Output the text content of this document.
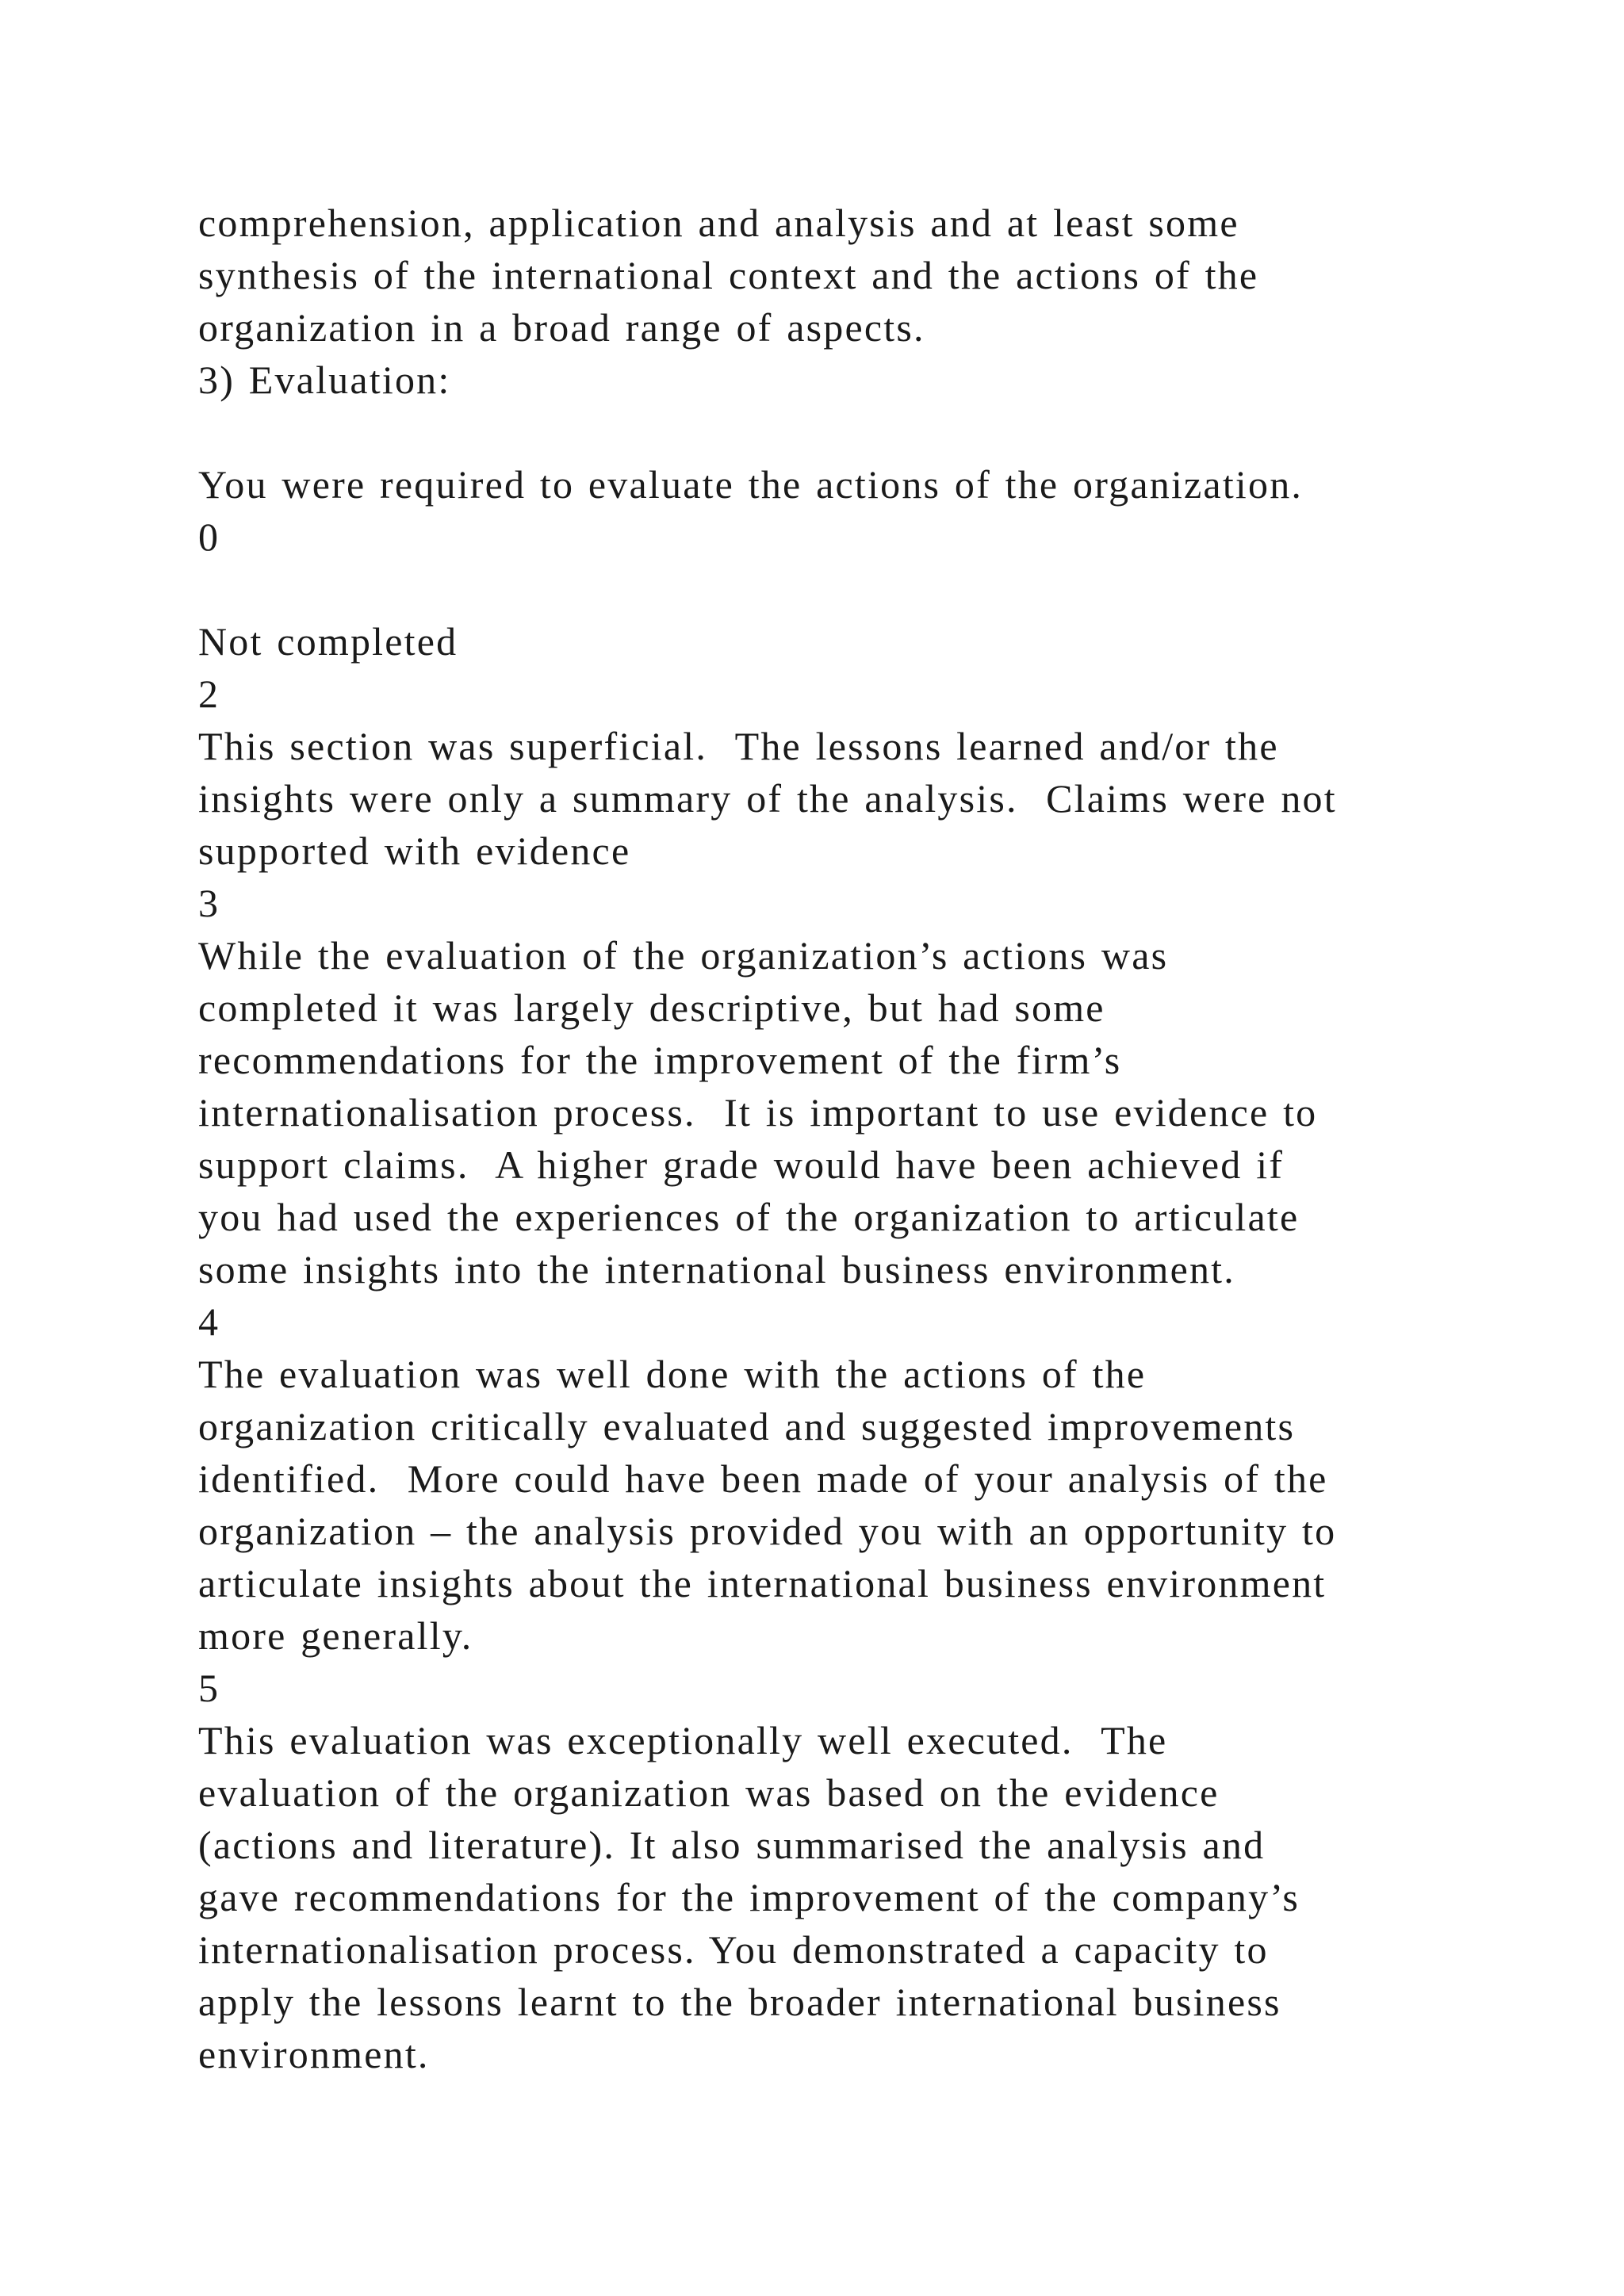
comprehension, application and analysis and at least some
synthesis of the international context and the actions of the
organization in a broad range of aspects.
3) Evaluation:
You were required to evaluate the actions of the organization.
0
Not completed
2
This section was superficial.  The lessons learned and/or the
insights were only a summary of the analysis.  Claims were not
supported with evidence
3
While the evaluation of the organization’s actions was
completed it was largely descriptive, but had some
recommendations for the improvement of the firm’s
internationalisation process.  It is important to use evidence to
support claims.  A higher grade would have been achieved if
you had used the experiences of the organization to articulate
some insights into the international business environment.
4
The evaluation was well done with the actions of the
organization critically evaluated and suggested improvements
identified.  More could have been made of your analysis of the
organization – the analysis provided you with an opportunity to
articulate insights about the international business environment
more generally.
5
This evaluation was exceptionally well executed.  The
evaluation of the organization was based on the evidence
(actions and literature). It also summarised the analysis and
gave recommendations for the improvement of the company’s
internationalisation process. You demonstrated a capacity to
apply the lessons learnt to the broader international business
environment.
